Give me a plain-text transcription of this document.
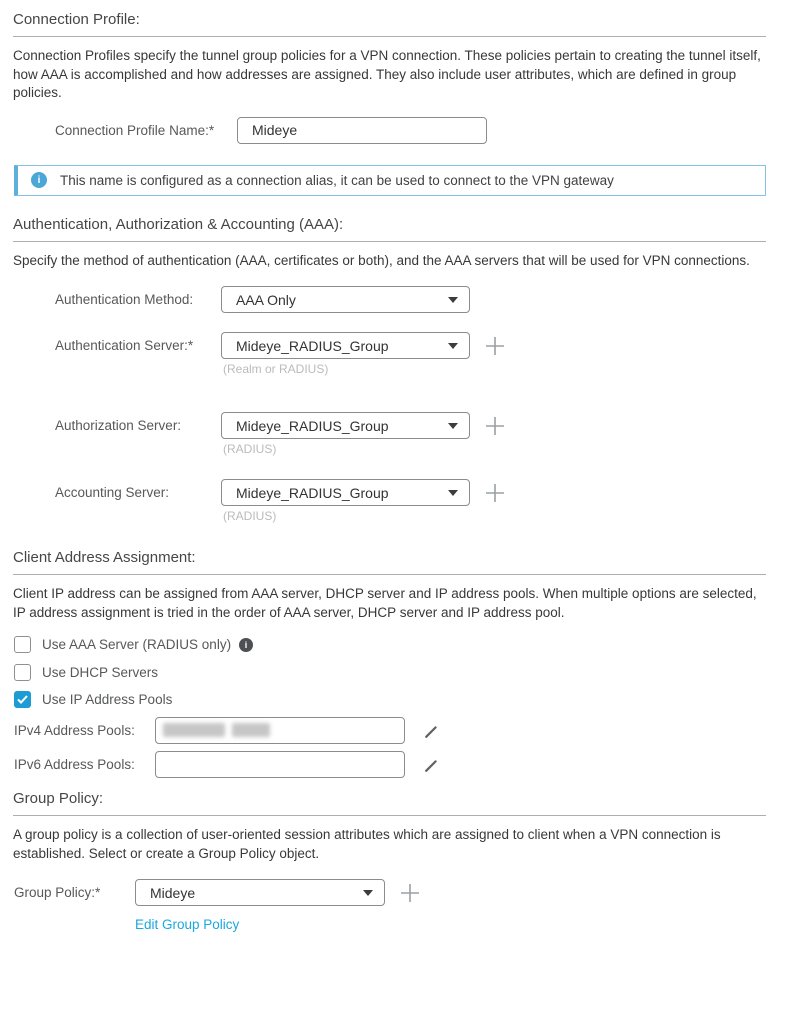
Connection Profile:

Connection Profiles specify the tunnel group policies for a VPN connection. These policies pertain to creating the tunnel itself, how AAA is accomplished and how addresses are assigned. They also include user attributes, which are defined in group policies.

Connection Profile Name:*
Mideye
i	This name is configured as a connection alias, it can be used to connect to the VPN gateway
Authentication, Authorization & Accounting (AAA):

Specify the method of authentication (AAA, certificates or both), and the AAA servers that will be used for VPN connections.

Authentication Method:	AAA Only
Authentication Server:*	Mideye_RADIUS_Group
(Realm or RADIUS)
Authorization Server:	Mideye_RADIUS_Group
(RADIUS)
Accounting Server:	Mideye_RADIUS_Group
(RADIUS)
Client Address Assignment:

Client IP address can be assigned from AAA server, DHCP server and IP address pools. When multiple options are selected, IP address assignment is tried in the order of AAA server, DHCP server and IP address pool.

Use AAA Server (RADIUS only)	i
Use DHCP Servers
Use IP Address Pools
IPv4 Address Pools:
IPv6 Address Pools:
Group Policy:

A group policy is a collection of user-oriented session attributes which are assigned to client when a VPN connection is established. Select or create a Group Policy object.

Group Policy:*	Mideye
Edit Group Policy
